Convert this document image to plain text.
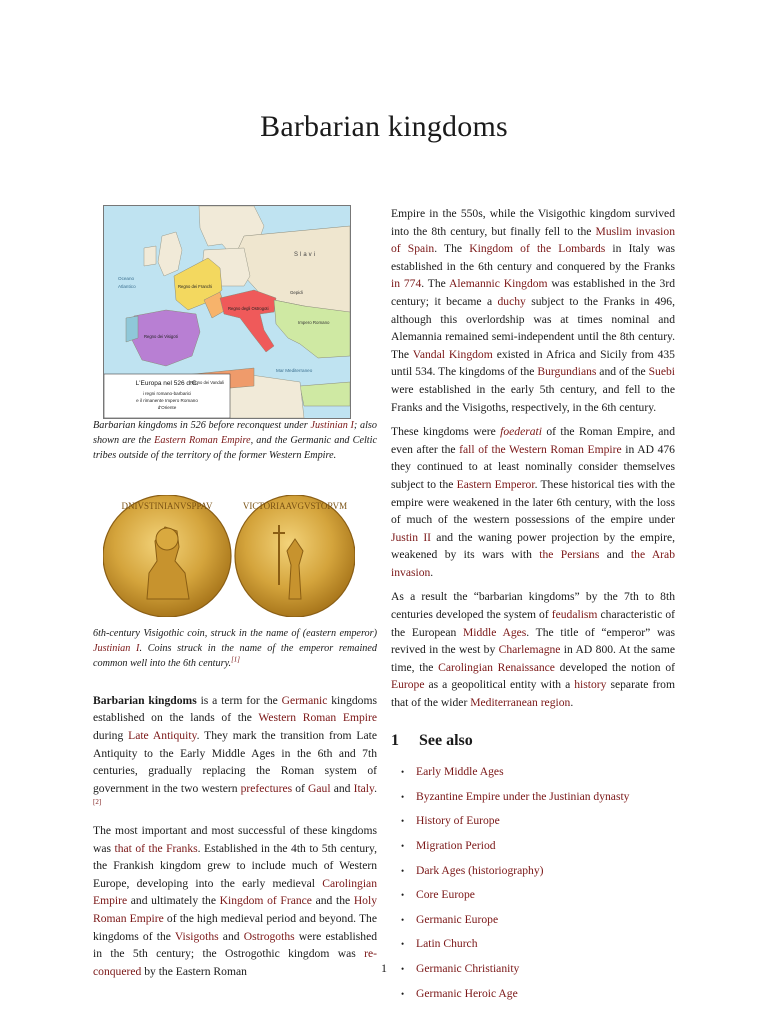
Barbarian kingdoms
L'Europa nel 526 d.C.
i regni romano-barbarici
e il rimanente Impero Romano
d'Oriente
Slavi
Oceano
Atlantico
Mar Mediterraneo
Gepidi
Impero Romano
Regno dei Visigoti
Regno dei Franchi
Regno degli Ostrogoti
Regno dei Vandali

Barbarian kingdoms in 526 before reconquest under Justinian I; also shown are the Eastern Roman Empire, and the Germanic and Celtic tribes outside of the territory of the former Western Empire.

DNIVSTINIANVSPPAV	VICTORIAAVGVSTORVM

6th-century Visigothic coin, struck in the name of (eastern emperor) Justinian I. Coins struck in the name of the emperor remained common well into the 6th century.[1]

Barbarian kingdoms is a term for the Germanic kingdoms established on the lands of the Western Roman Empire during Late Antiquity. They mark the transition from Late Antiquity to the Early Middle Ages in the 6th and 7th centuries, gradually replacing the Roman system of government in the two western prefectures of Gaul and Italy.[2]

The most important and most successful of these kingdoms was that of the Franks. Established in the 4th to 5th century, the Frankish kingdom grew to include much of Western Europe, developing into the early medieval Carolingian Empire and ultimately the Kingdom of France and the Holy Roman Empire of the high medieval period and beyond. The kingdoms of the Visigoths and Ostrogoths were established in the 5th century; the Ostrogothic kingdom was re-conquered by the Eastern Roman

Empire in the 550s, while the Visigothic kingdom survived into the 8th century, but finally fell to the Muslim invasion of Spain. The Kingdom of the Lombards in Italy was established in the 6th century and conquered by the Franks in 774. The Alemannic Kingdom was established in the 3rd century; it became a duchy subject to the Franks in 496, although this overlordship was at times nominal and Alemannia remained semi-independent until the 8th century. The Vandal Kingdom existed in Africa and Sicily from 435 until 534. The kingdoms of the Burgundians and of the Suebi were established in the early 5th century, and fell to the Franks and the Visigoths, respectively, in the 6th century.

These kingdoms were foederati of the Roman Empire, and even after the fall of the Western Roman Empire in AD 476 they continued to at least nominally consider themselves subject to the Eastern Emperor. These historical ties with the empire were weakened in the later 6th century, with the loss of much of the western possessions of the empire under Justin II and the waning power projection by the empire, weakened by its wars with the Persians and the Arab invasion.

As a result the “barbarian kingdoms” by the 7th to 8th centuries developed the system of feudalism characteristic of the European Middle Ages. The title of “emperor” was revived in the west by Charlemagne in AD 800. At the same time, the Carolingian Renaissance developed the notion of Europe as a geopolitical entity with a history separate from that of the wider Mediterranean region.

1 See also
• Early Middle Ages
• Byzantine Empire under the Justinian dynasty
• History of Europe
• Migration Period
• Dark Ages (historiography)
• Core Europe
• Germanic Europe
• Latin Church
• Germanic Christianity
• Germanic Heroic Age
1
